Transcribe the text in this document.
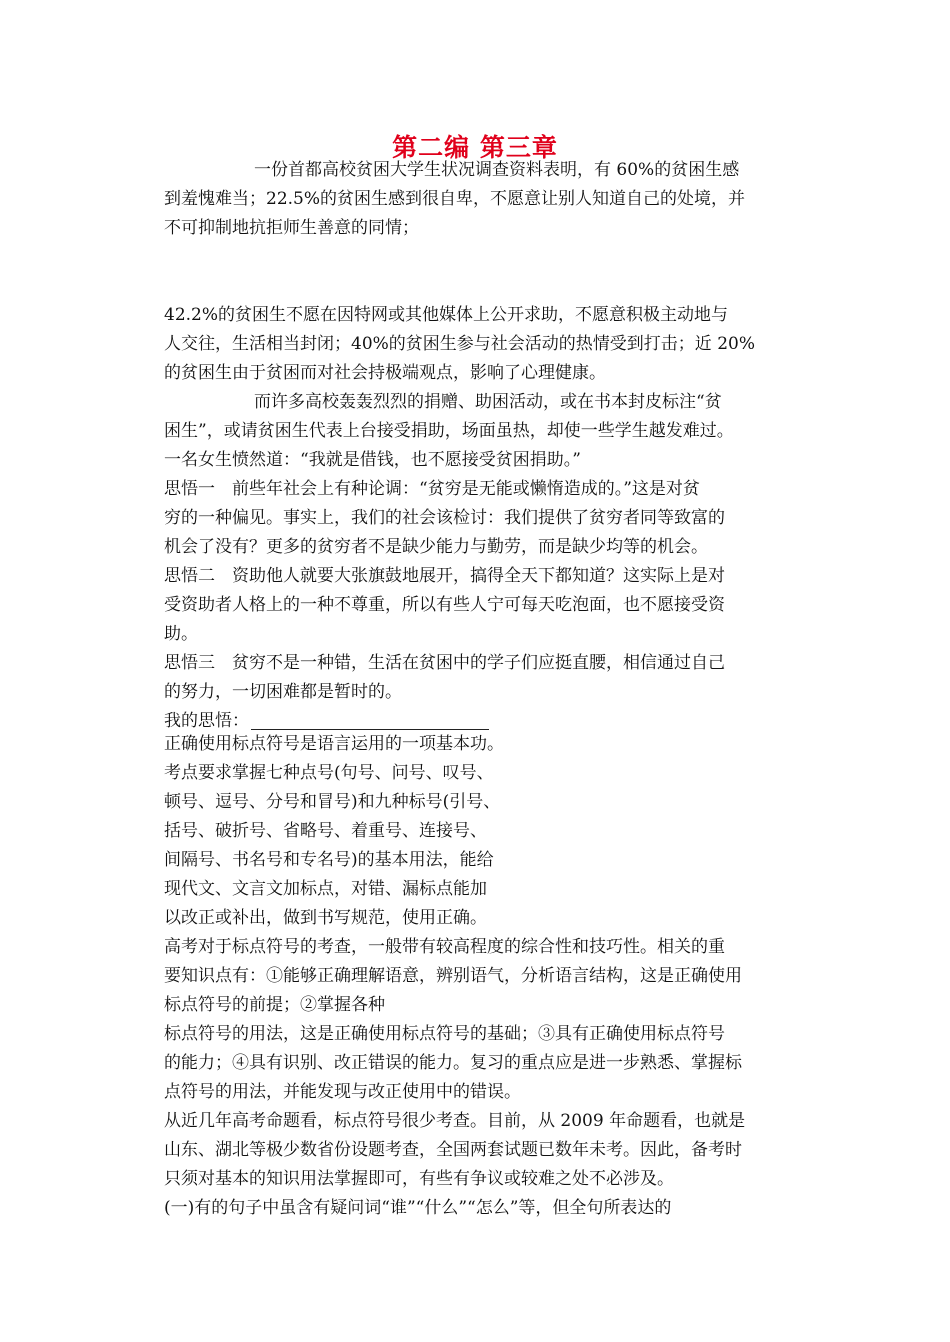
第二编 第三章
一份首都高校贫困大学生状况调查资料表明，有 60%的贫困生感
到羞愧难当；22.5%的贫困生感到很自卑，不愿意让别人知道自己的处境，并
不可抑制地抗拒师生善意的同情；
42.2%的贫困生不愿在因特网或其他媒体上公开求助，不愿意积极主动地与
人交往，生活相当封闭；40%的贫困生参与社会活动的热情受到打击；近 20%
的贫困生由于贫困而对社会持极端观点，影响了心理健康。
而许多高校轰轰烈烈的捐赠、助困活动，或在书本封皮标注“贫
困生”，或请贫困生代表上台接受捐助，场面虽热，却使一些学生越发难过。
一名女生愤然道：“我就是借钱，也不愿接受贫困捐助。”
思悟一　前些年社会上有种论调：“贫穷是无能或懒惰造成的。”这是对贫
穷的一种偏见。事实上，我们的社会该检讨：我们提供了贫穷者同等致富的
机会了没有？更多的贫穷者不是缺少能力与勤劳，而是缺少均等的机会。
思悟二　资助他人就要大张旗鼓地展开，搞得全天下都知道？这实际上是对
受资助者人格上的一种不尊重，所以有些人宁可每天吃泡面，也不愿接受资
助。
思悟三　贫穷不是一种错，生活在贫困中的学子们应挺直腰，相信通过自己
的努力，一切困难都是暂时的。
我的思悟：
正确使用标点符号是语言运用的一项基本功。
考点要求掌握七种点号(句号、问号、叹号、
顿号、逗号、分号和冒号)和九种标号(引号、
括号、破折号、省略号、着重号、连接号、
间隔号、书名号和专名号)的基本用法，能给
现代文、文言文加标点，对错、漏标点能加
以改正或补出，做到书写规范，使用正确。
高考对于标点符号的考查，一般带有较高程度的综合性和技巧性。相关的重
要知识点有：①能够正确理解语意，辨别语气，分析语言结构，这是正确使用
标点符号的前提；②掌握各种
标点符号的用法，这是正确使用标点符号的基础；③具有正确使用标点符号
的能力；④具有识别、改正错误的能力。复习的重点应是进一步熟悉、掌握标
点符号的用法，并能发现与改正使用中的错误。
从近几年高考命题看，标点符号很少考查。目前，从 2009 年命题看，也就是
山东、湖北等极少数省份设题考查，全国两套试题已数年未考。因此，备考时
只须对基本的知识用法掌握即可，有些有争议或较难之处不必涉及。
(一)有的句子中虽含有疑问词“谁”“什么”“怎么”等，但全句所表达的
